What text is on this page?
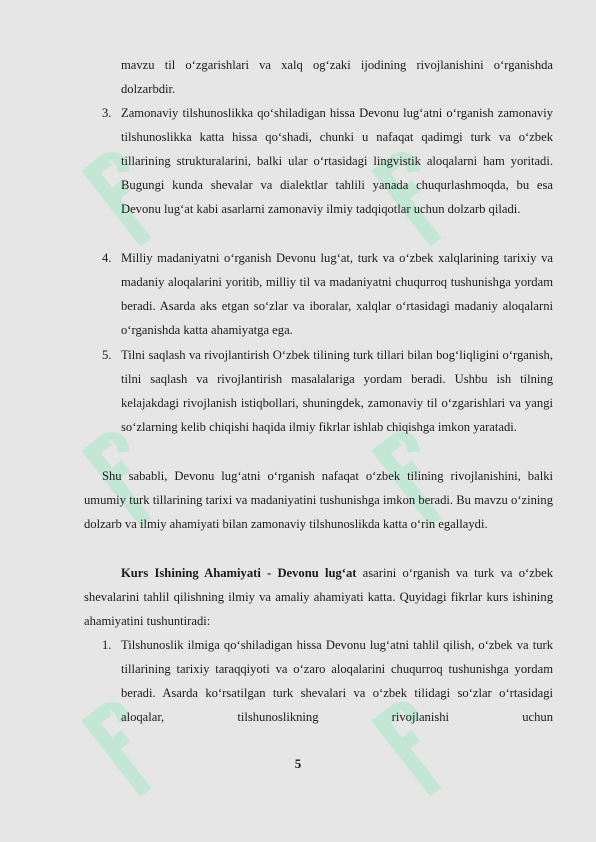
mavzu til o‘zgarishlari va xalq og‘zaki ijodining rivojlanishini o‘rganishda dolzarbdir.

3. Zamonaviy tilshunoslikka qo‘shiladigan hissa Devonu lug‘atni o‘rganish zamonaviy tilshunoslikka katta hissa qo‘shadi, chunki u nafaqat qadimgi turk va o‘zbek tillarining strukturalarini, balki ular o‘rtasidagi lingvistik aloqalarni ham yoritadi. Bugungi kunda shevalar va dialektlar tahlili yanada chuqurlashmoqda, bu esa Devonu lug‘at kabi asarlarni zamonaviy ilmiy tadqiqotlar uchun dolzarb qiladi.
4. Milliy madaniyatni o‘rganish Devonu lug‘at, turk va o‘zbek xalqlarining tarixiy va madaniy aloqalarini yoritib, milliy til va madaniyatni chuqurroq tushunishga yordam beradi. Asarda aks etgan so‘zlar va iboralar, xalqlar o‘rtasidagi madaniy aloqalarni o‘rganishda katta ahamiyatga ega.
5. Tilni saqlash va rivojlantirish O‘zbek tilining turk tillari bilan bog‘liqligini o‘rganish, tilni saqlash va rivojlantirish masalalariga yordam beradi. Ushbu ish tilning kelajakdagi rivojlanish istiqbollari, shuningdek, zamonaviy til o‘zgarishlari va yangi so‘zlarning kelib chiqishi haqida ilmiy fikrlar ishlab chiqishga imkon yaratadi.

Shu sababli, Devonu lug‘atni o‘rganish nafaqat o‘zbek tilining rivojlanishini, balki umumiy turk tillarining tarixi va madaniyatini tushunishga imkon beradi. Bu mavzu o‘zining dolzarb va ilmiy ahamiyati bilan zamonaviy tilshunoslikda katta o‘rin egallaydi.

Kurs Ishining Ahamiyati - Devonu lug‘at asarini o‘rganish va turk va o‘zbek shevalarini tahlil qilishning ilmiy va amaliy ahamiyati katta. Quyidagi fikrlar kurs ishining ahamiyatini tushuntiradi:

1. Tilshunoslik ilmiga qo‘shiladigan hissa Devonu lug‘atni tahlil qilish, o‘zbek va turk tillarining tarixiy taraqqiyoti va o‘zaro aloqalarini chuqurroq tushunishga yordam beradi. Asarda ko‘rsatilgan turk shevalari va o‘zbek tilidagi so‘zlar o‘rtasidagi aloqalar, tilshunoslikning rivojlanishi uchun
5
